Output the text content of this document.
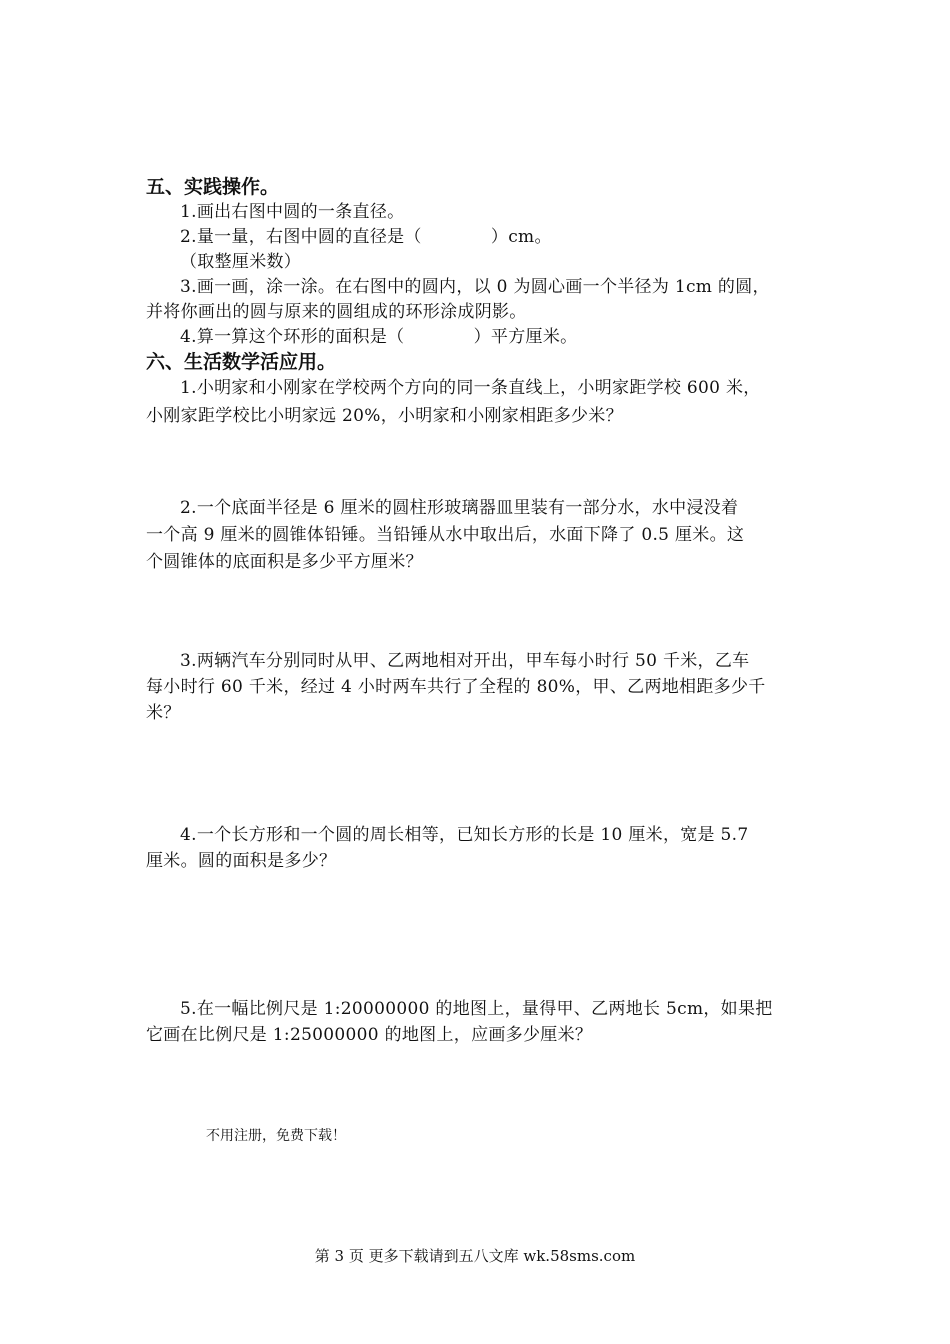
五、实践操作。
1.画出右图中圆的一条直径。
2.量一量，右图中圆的直径是（　　　　）cm。
（取整厘米数）
3.画一画，涂一涂。在右图中的圆内，以 0 为圆心画一个半径为 1cm 的圆，
并将你画出的圆与原来的圆组成的环形涂成阴影。
4.算一算这个环形的面积是（　　　　）平方厘米。
六、生活数学活应用。
1.小明家和小刚家在学校两个方向的同一条直线上，小明家距学校 600 米，
小刚家距学校比小明家远 20%，小明家和小刚家相距多少米？
2.一个底面半径是 6 厘米的圆柱形玻璃器皿里装有一部分水，水中浸没着
一个高 9 厘米的圆锥体铅锤。当铅锤从水中取出后，水面下降了 0.5 厘米。这
个圆锥体的底面积是多少平方厘米？
3.两辆汽车分别同时从甲、乙两地相对开出，甲车每小时行 50 千米，乙车
每小时行 60 千米，经过 4 小时两车共行了全程的 80%，甲、乙两地相距多少千
米？
4.一个长方形和一个圆的周长相等，已知长方形的长是 10 厘米，宽是 5.7
厘米。圆的面积是多少？
5.在一幅比例尺是 1:20000000 的地图上，量得甲、乙两地长 5cm，如果把
它画在比例尺是 1:25000000 的地图上，应画多少厘米？
不用注册，免费下载！
第 3 页 更多下载请到五八文库 wk.58sms.com
